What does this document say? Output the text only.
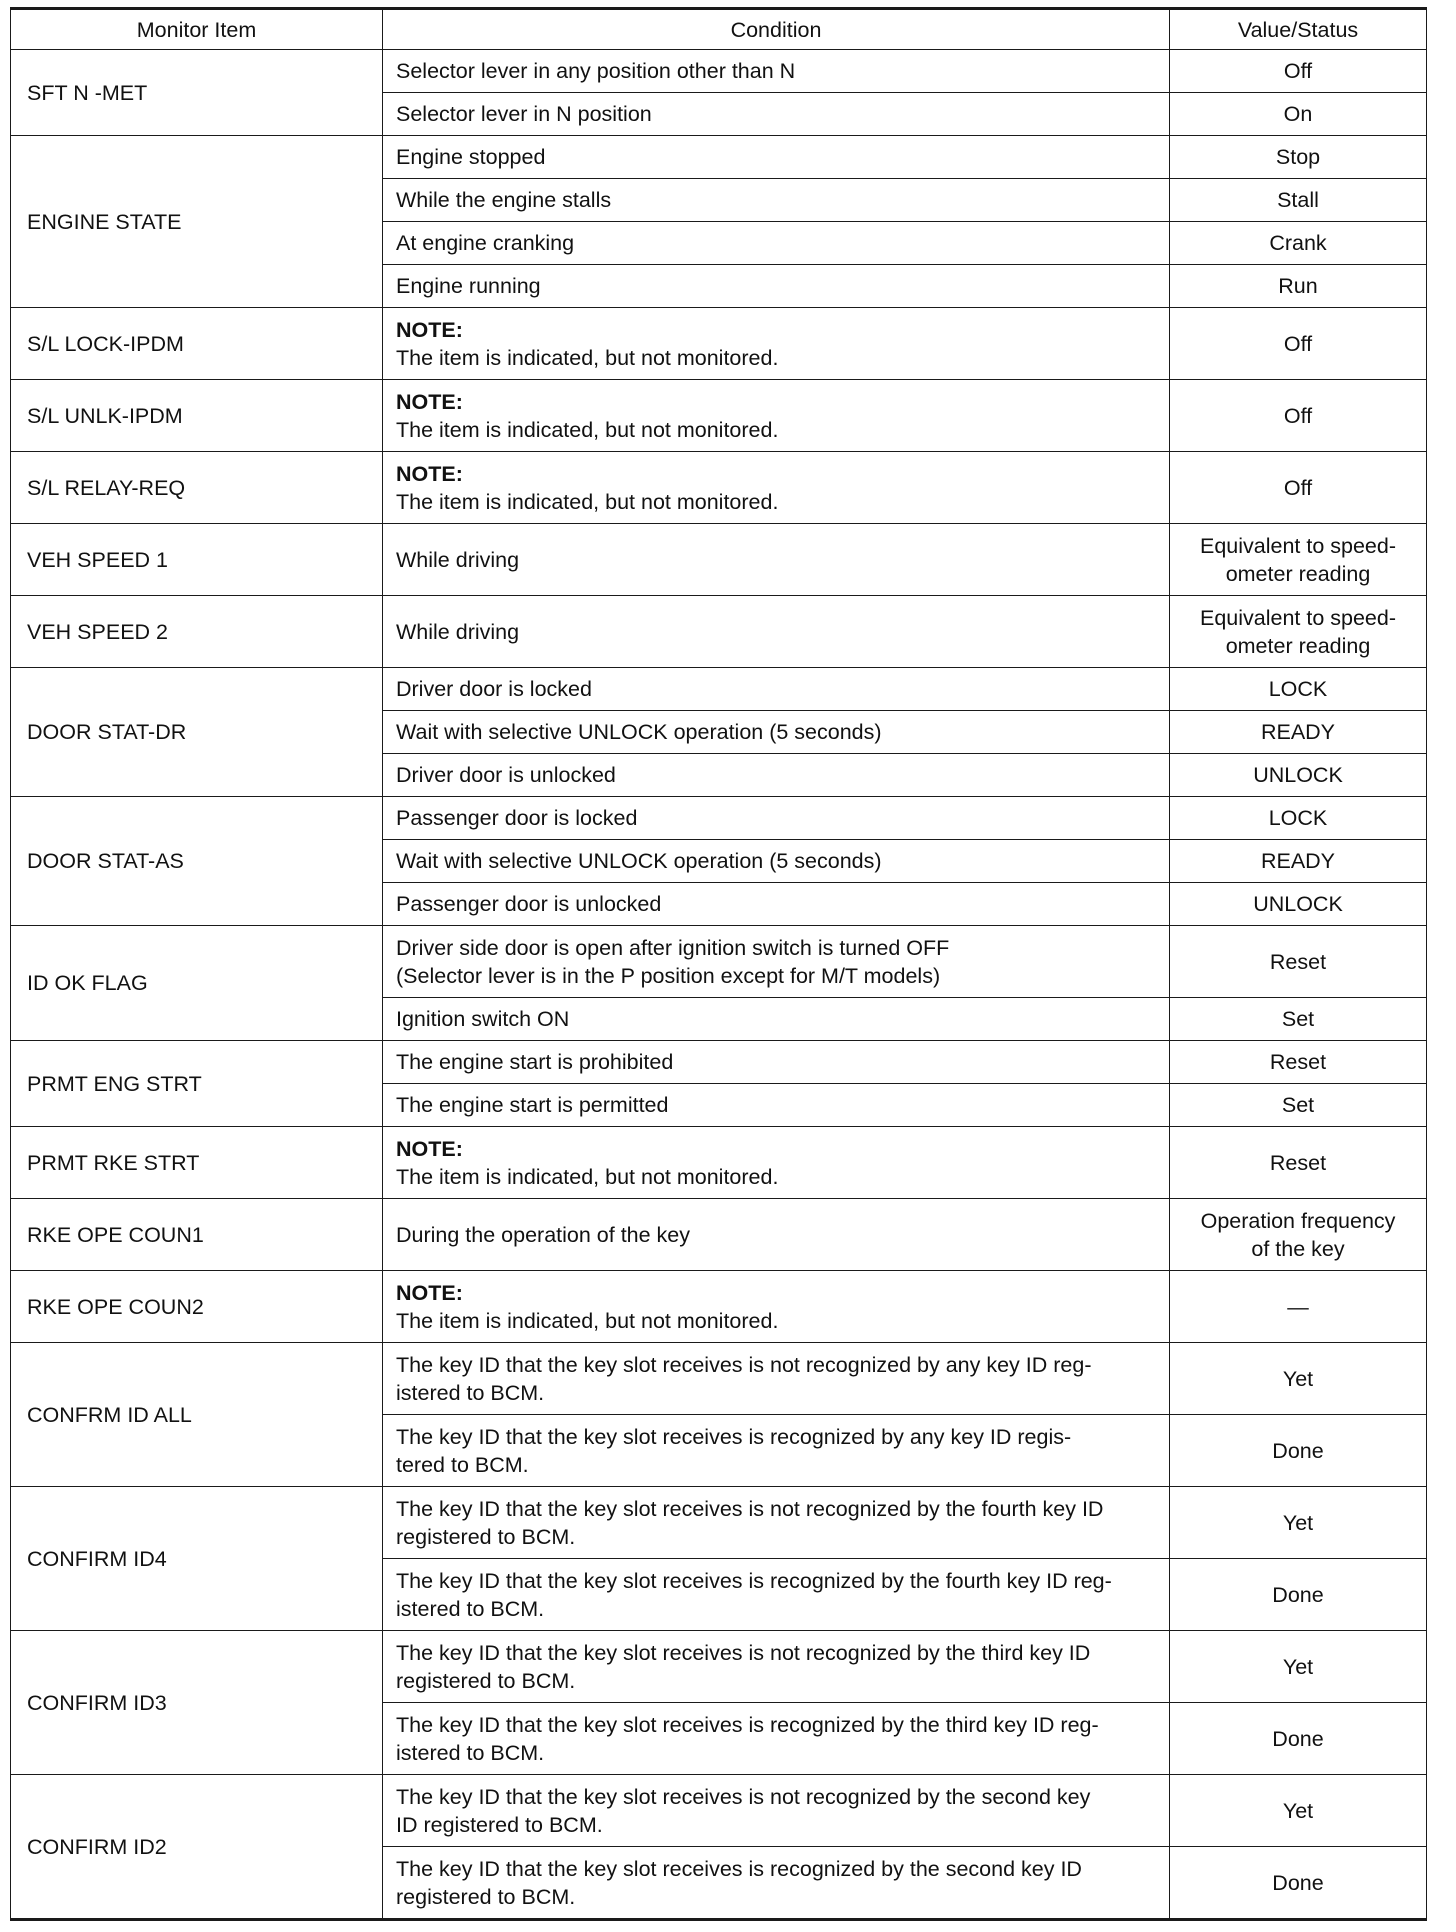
Monitor Item	Condition	Value/Status
SFT N -MET	Selector lever in any position other than N	Off
	Selector lever in N position	On
ENGINE STATE	Engine stopped	Stop
	While the engine stalls	Stall
	At engine cranking	Crank
	Engine running	Run
S/L LOCK-IPDM	NOTE:
The item is indicated, but not monitored.	Off
S/L UNLK-IPDM	NOTE:
The item is indicated, but not monitored.	Off
S/L RELAY-REQ	NOTE:
The item is indicated, but not monitored.	Off
VEH SPEED 1	While driving	Equivalent to speed-
ometer reading
VEH SPEED 2	While driving	Equivalent to speed-
ometer reading
DOOR STAT-DR	Driver door is locked	LOCK
	Wait with selective UNLOCK operation (5 seconds)	READY
	Driver door is unlocked	UNLOCK
DOOR STAT-AS	Passenger door is locked	LOCK
	Wait with selective UNLOCK operation (5 seconds)	READY
	Passenger door is unlocked	UNLOCK
ID OK FLAG	Driver side door is open after ignition switch is turned OFF
(Selector lever is in the P position except for M/T models)	Reset
	Ignition switch ON	Set
PRMT ENG STRT	The engine start is prohibited	Reset
	The engine start is permitted	Set
PRMT RKE STRT	NOTE:
The item is indicated, but not monitored.	Reset
RKE OPE COUN1	During the operation of the key	Operation frequency
of the key
RKE OPE COUN2	NOTE:
The item is indicated, but not monitored.	—
CONFRM ID ALL	The key ID that the key slot receives is not recognized by any key ID reg-
istered to BCM.	Yet
	The key ID that the key slot receives is recognized by any key ID regis-
tered to BCM.	Done
CONFIRM ID4	The key ID that the key slot receives is not recognized by the fourth key ID
registered to BCM.	Yet
	The key ID that the key slot receives is recognized by the fourth key ID reg-
istered to BCM.	Done
CONFIRM ID3	The key ID that the key slot receives is not recognized by the third key ID
registered to BCM.	Yet
	The key ID that the key slot receives is recognized by the third key ID reg-
istered to BCM.	Done
CONFIRM ID2	The key ID that the key slot receives is not recognized by the second key
ID registered to BCM.	Yet
	The key ID that the key slot receives is recognized by the second key ID
registered to BCM.	Done
